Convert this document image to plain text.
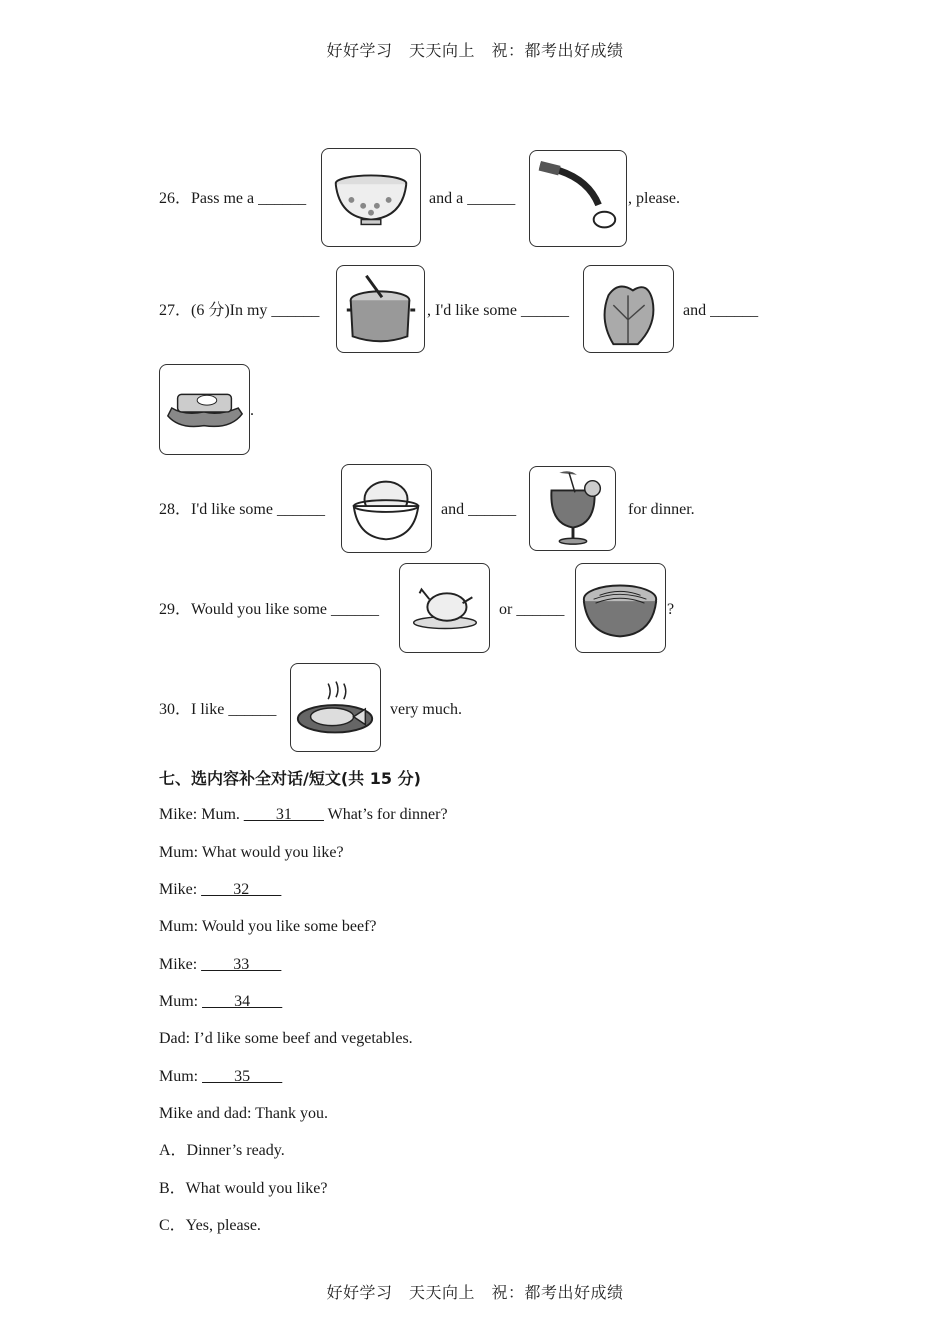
好好学习　天天向上　祝：都考出好成绩
26．Pass me a ______	and a ______	, please.
27．(6 分)In my ______	, I'd like some ______	and ______
.
28．I'd like some ______	and ______	for dinner.
29．Would you like some ______	or ______	?
30．I like ______	very much.
七、选内容补全对话/短文(共 15 分)
Mike: Mum. ____31____ What’s for dinner?
Mum: What would you like?
Mike: ____32____
Mum: Would you like some beef?
Mike: ____33____
Mum: ____34____
Dad: I’d like some beef and vegetables.
Mum: ____35____
Mike and dad: Thank you.
A．Dinner’s ready.
B．What would you like?
C．Yes, please.
好好学习　天天向上　祝：都考出好成绩
